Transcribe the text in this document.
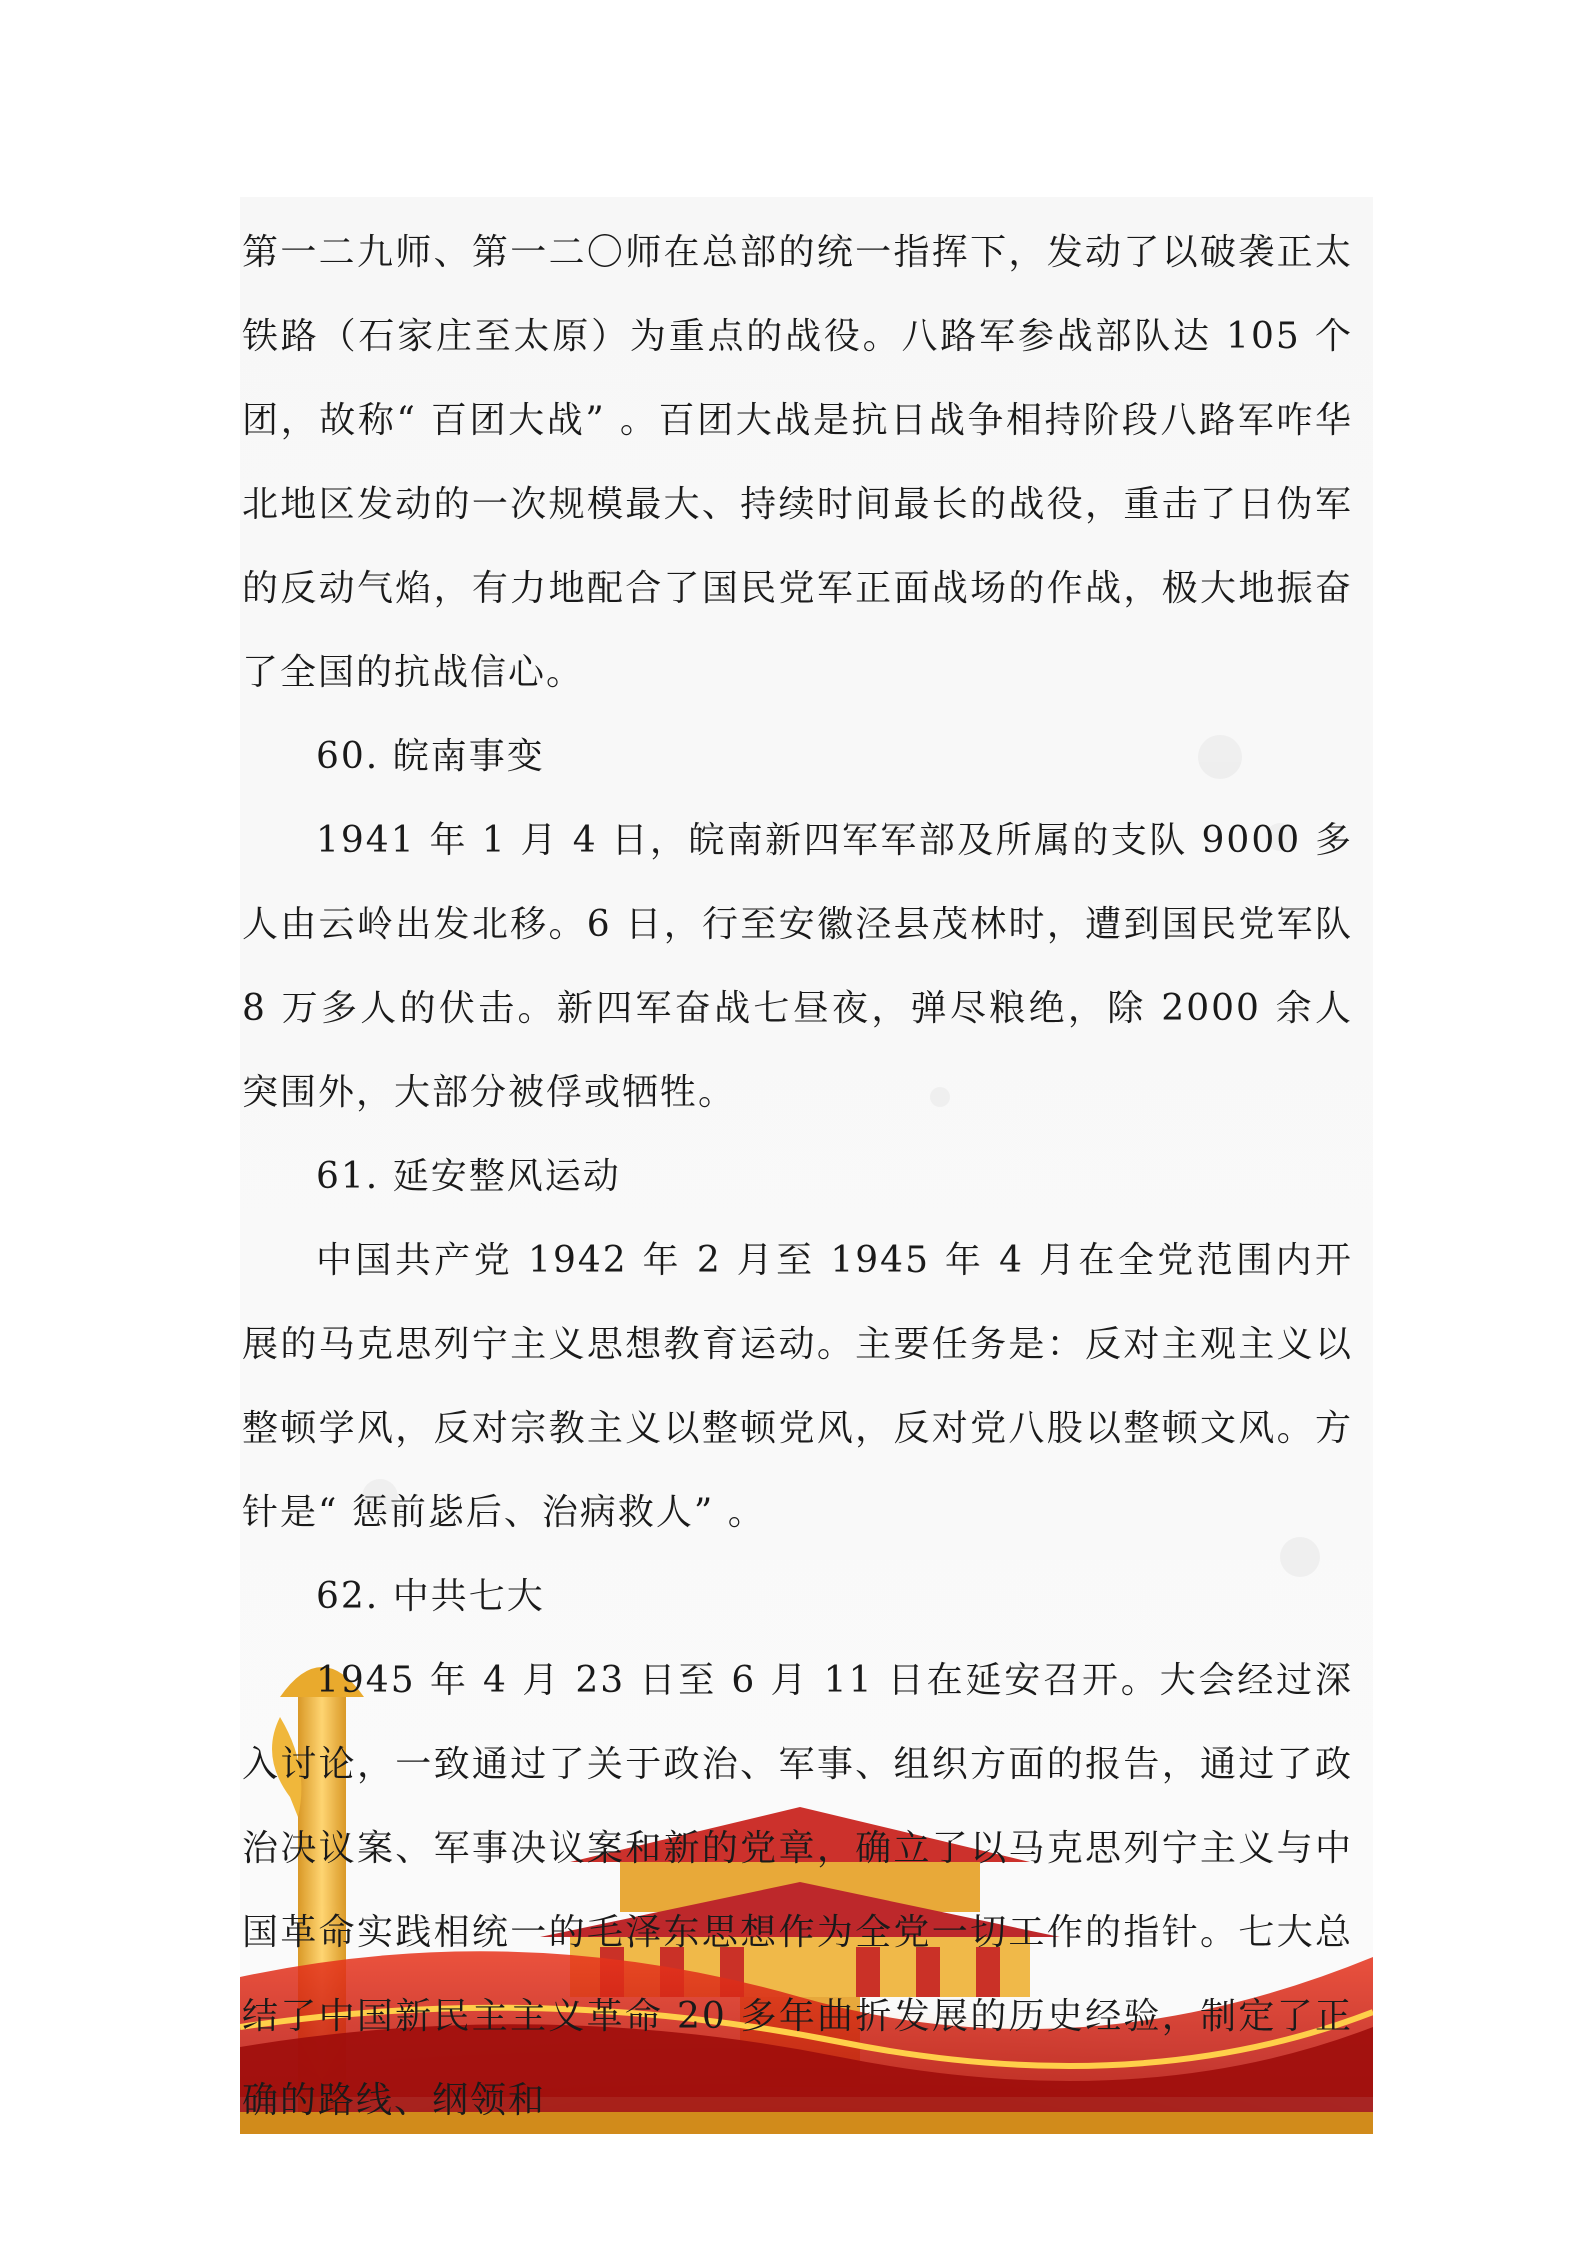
第一二九师、第一二〇师在总部的统一指挥下，发动了以破袭正太铁路（石家庄至太原）为重点的战役。八路军参战部队达 105 个团，故称“ 百团大战” 。百团大战是抗日战争相持阶段八路军咋华北地区发动的一次规模最大、持续时间最长的战役，重击了日伪军的反动气焰，有力地配合了国民党军正面战场的作战，极大地振奋了全国的抗战信心。

60. 皖南事变

1941 年 1 月 4 日，皖南新四军军部及所属的支队 9000 多人由云岭出发北移。6 日，行至安徽泾县茂林时，遭到国民党军队 8 万多人的伏击。新四军奋战七昼夜，弹尽粮绝，除 2000 余人突围外，大部分被俘或牺牲。

61. 延安整风运动

中国共产党 1942 年 2 月至 1945 年 4 月在全党范围内开展的马克思列宁主义思想教育运动。主要任务是：反对主观主义以整顿学风，反对宗教主义以整顿党风，反对党八股以整顿文风。方针是“ 惩前毖后、治病救人” 。

62. 中共七大

1945 年 4 月 23 日至 6 月 11 日在延安召开。大会经过深入讨论，一致通过了关于政治、军事、组织方面的报告，通过了政治决议案、军事决议案和新的党章，确立了以马克思列宁主义与中国革命实践相统一的毛泽东思想作为全党一切工作的指针。七大总结了中国新民主主义革命 20 多年曲折发展的历史经验，制定了正确的路线、纲领和
